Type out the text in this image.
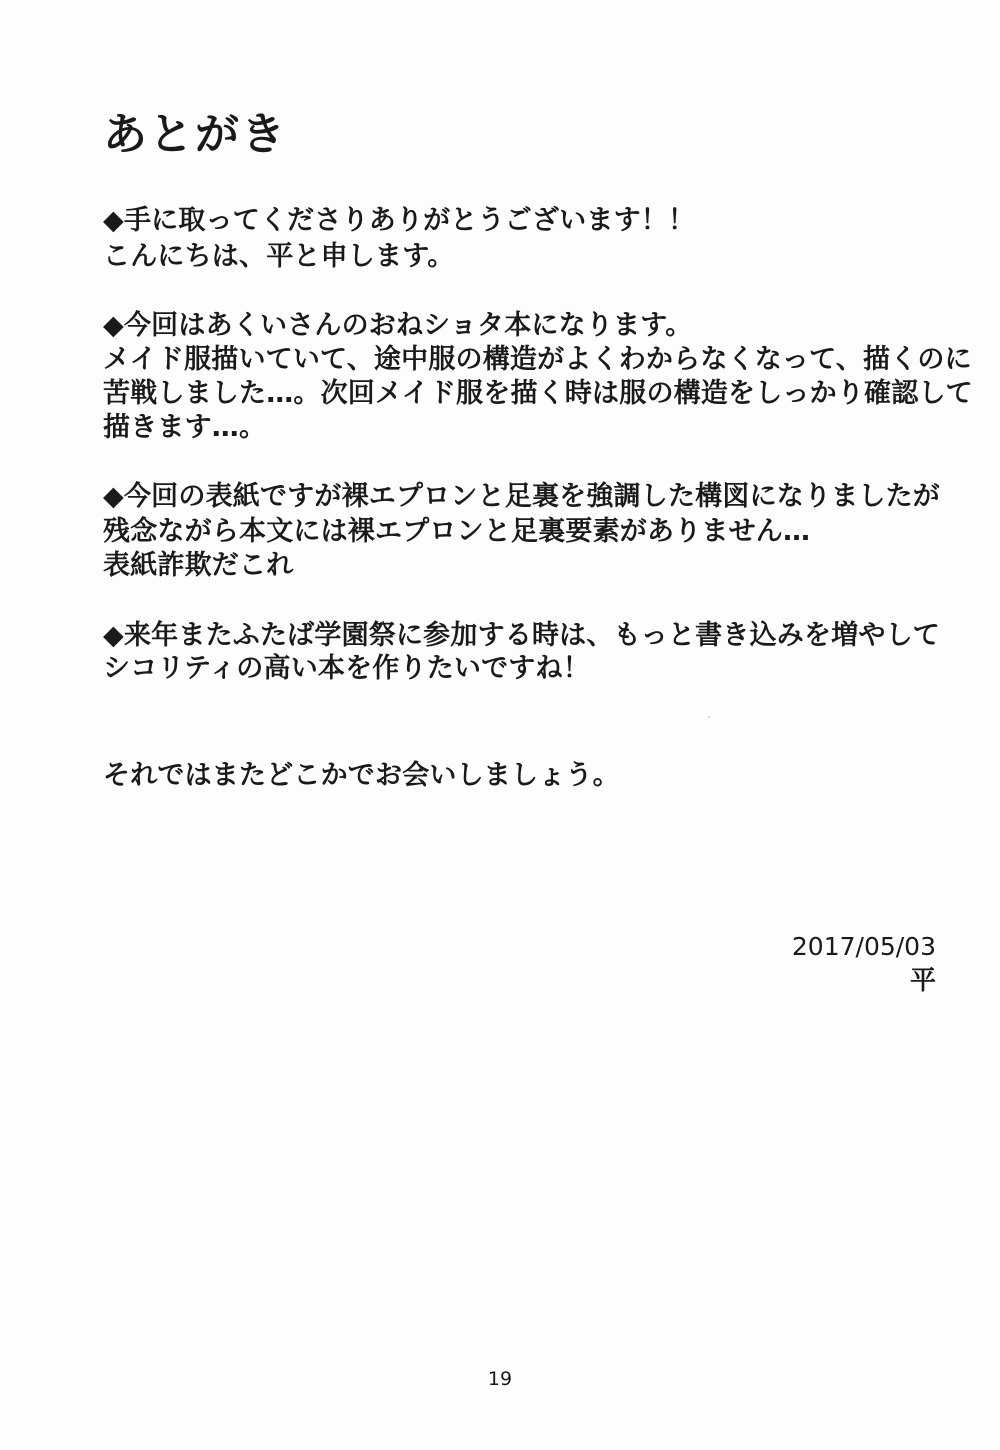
あとがき
◆手に取ってくださりありがとうございます！！
こんにちは、平と申します。
◆今回はあくいさんのおねショタ本になります。
メイド服描いていて、途中服の構造がよくわからなくなって、描くのに
苦戦しました…。次回メイド服を描く時は服の構造をしっかり確認して
描きます…。
◆今回の表紙ですが裸エプロンと足裏を強調した構図になりましたが
残念ながら本文には裸エプロンと足裏要素がありません…
表紙詐欺だこれ
◆来年またふたば学園祭に参加する時は、もっと書き込みを増やして
シコリティの高い本を作りたいですね！
それではまたどこかでお会いしましょう。
2017/05/03
平
19
